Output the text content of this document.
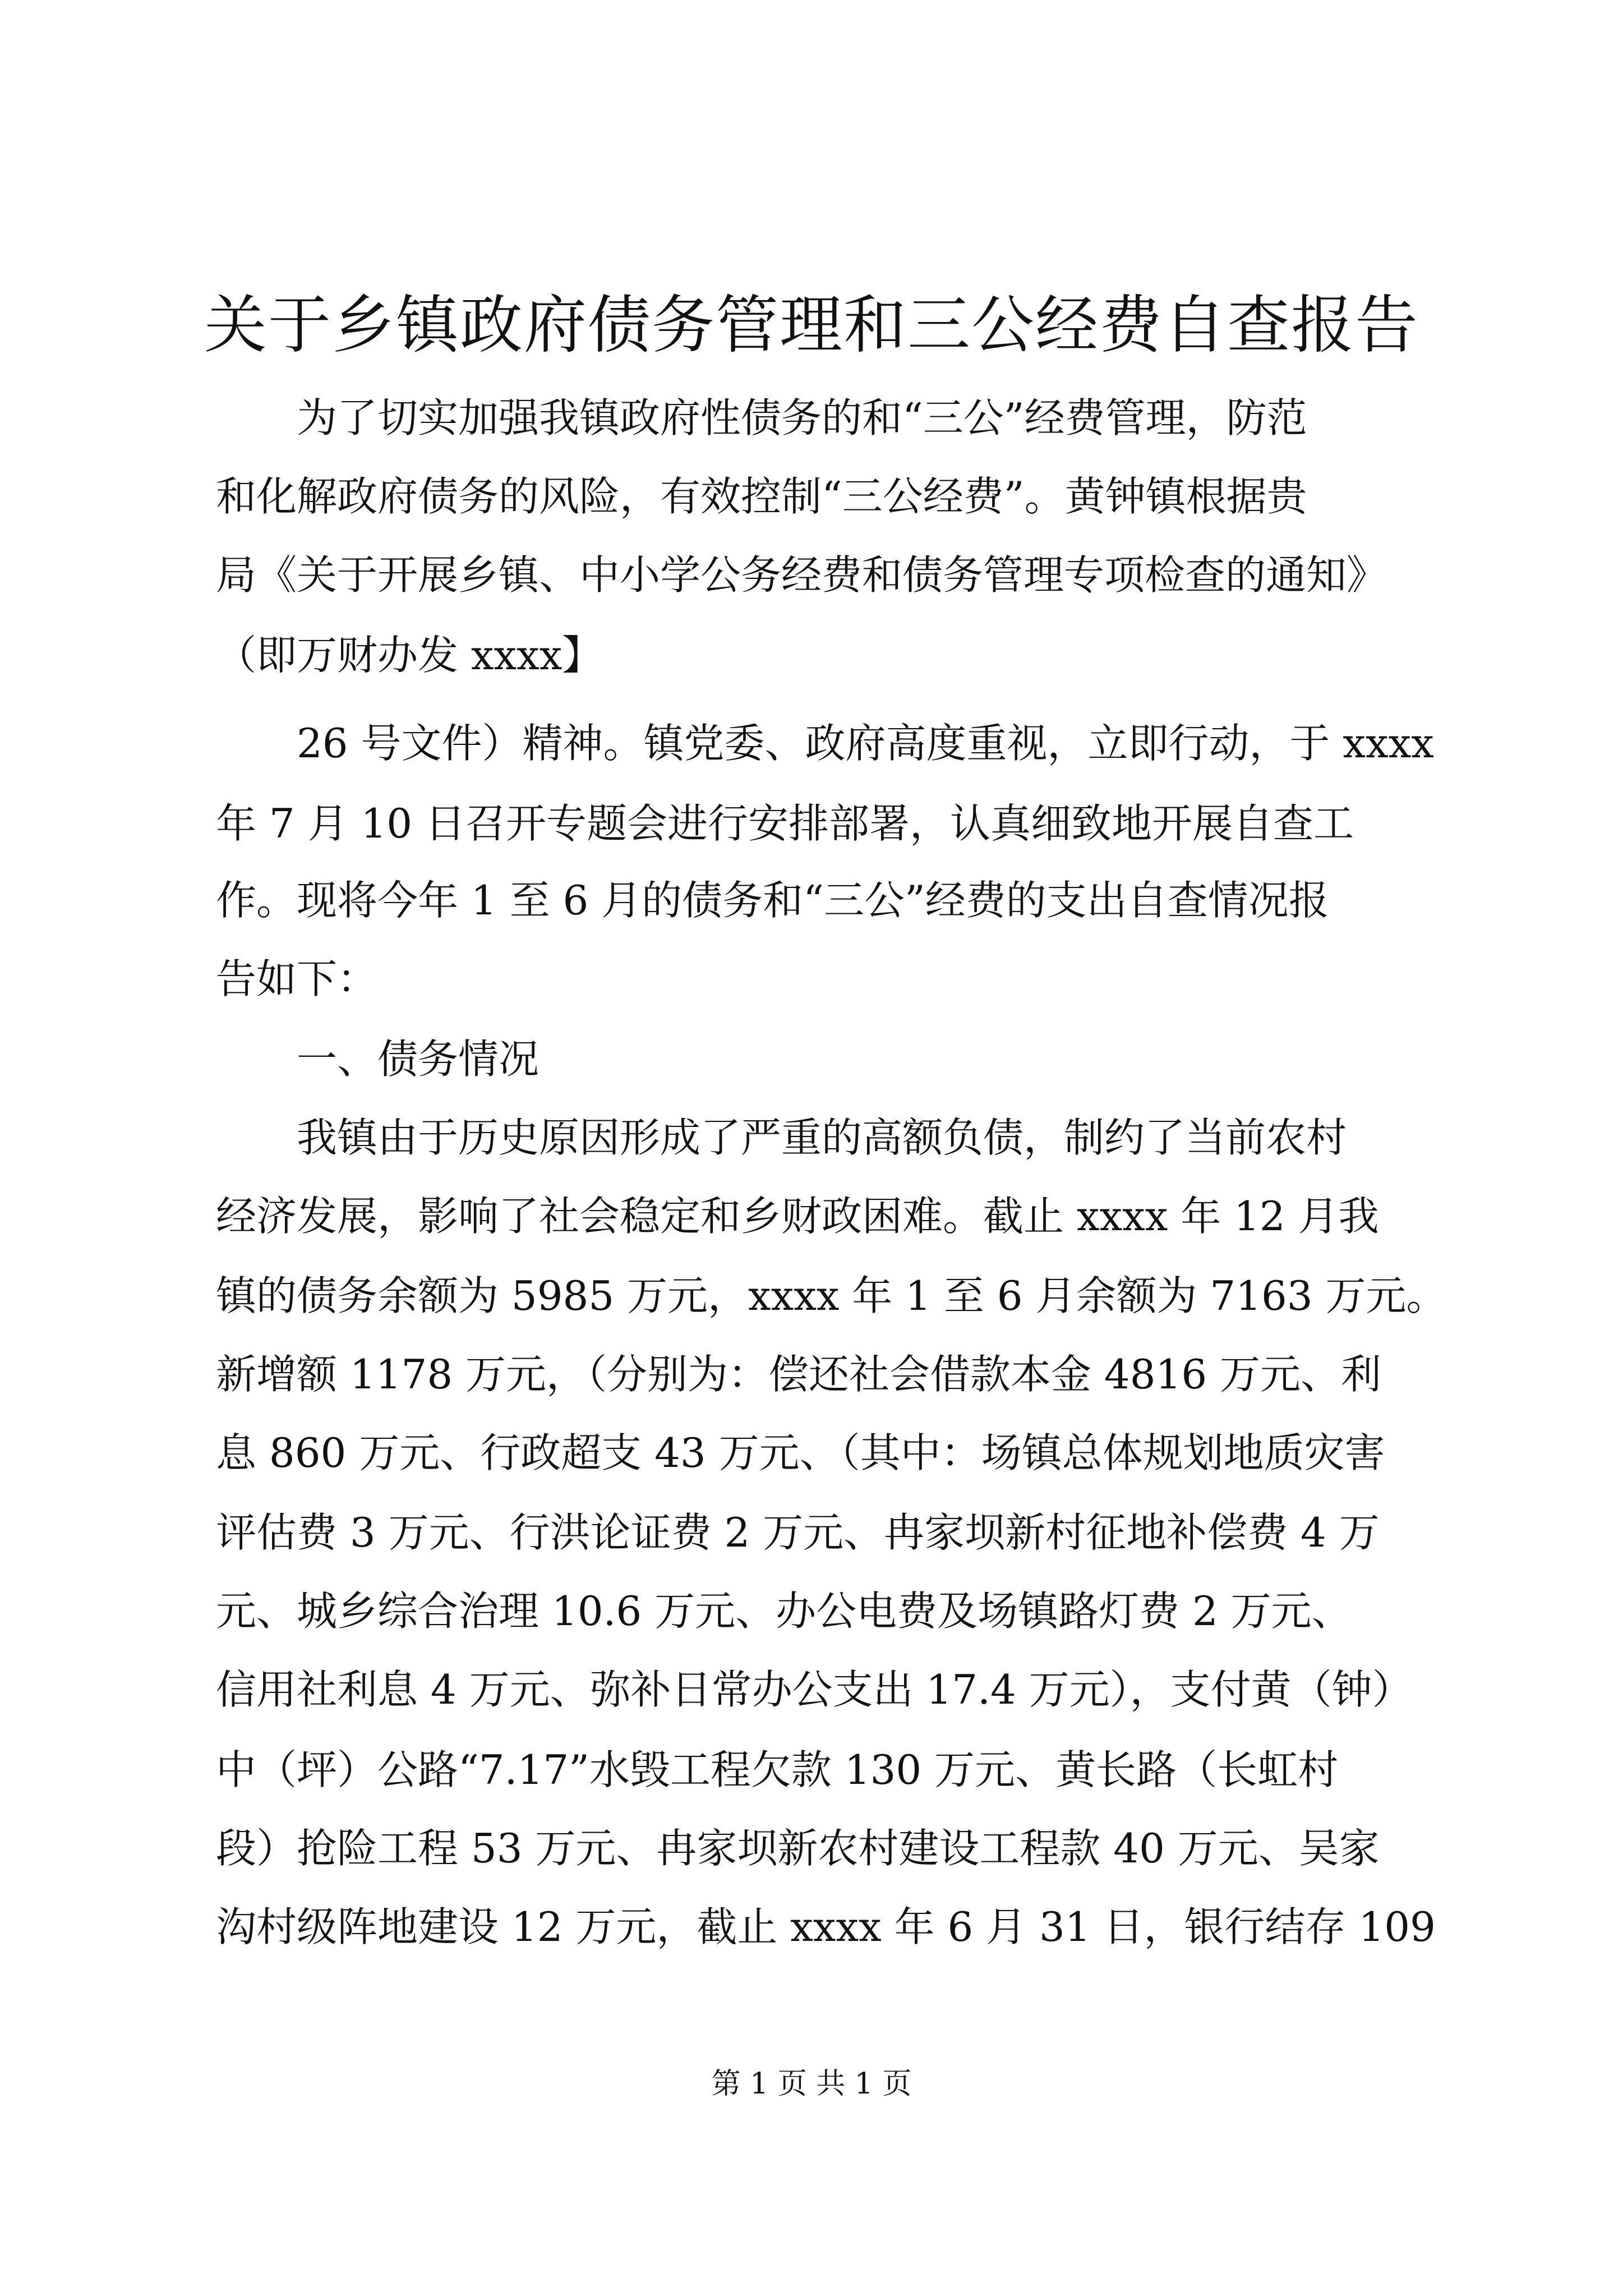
关于乡镇政府债务管理和三公经费自查报告

　　为了切实加强我镇政府性债务的和“三公”经费管理，防范

和化解政府债务的风险，有效控制“三公经费”。黄钟镇根据贵

局《关于开展乡镇、中小学公务经费和债务管理专项检查的通知》

（即万财办发 xxxx】

　　26 号文件）精神。镇党委、政府高度重视，立即行动，于 xxxx

年 7 月 10 日召开专题会进行安排部署，认真细致地开展自查工

作。现将今年 1 至 6 月的债务和“三公”经费的支出自查情况报

告如下：

　　一、债务情况

　　我镇由于历史原因形成了严重的高额负债，制约了当前农村

经济发展，影响了社会稳定和乡财政困难。截止 xxxx 年 12 月我

镇的债务余额为 5985 万元，xxxx 年 1 至 6 月余额为 7163 万元。

新增额 1178 万元，（分别为：偿还社会借款本金 4816 万元、利

息 860 万元、行政超支 43 万元、（其中：场镇总体规划地质灾害

评估费 3 万元、行洪论证费 2 万元、冉家坝新村征地补偿费 4 万

元、城乡综合治理 10.6 万元、办公电费及场镇路灯费 2 万元、

信用社利息 4 万元、弥补日常办公支出 17.4 万元），支付黄（钟）

中（坪）公路“7.17”水毁工程欠款 130 万元、黄长路（长虹村

段）抢险工程 53 万元、冉家坝新农村建设工程款 40 万元、吴家

沟村级阵地建设 12 万元，截止 xxxx 年 6 月 31 日，银行结存 109

第 1 页 共 1 页
